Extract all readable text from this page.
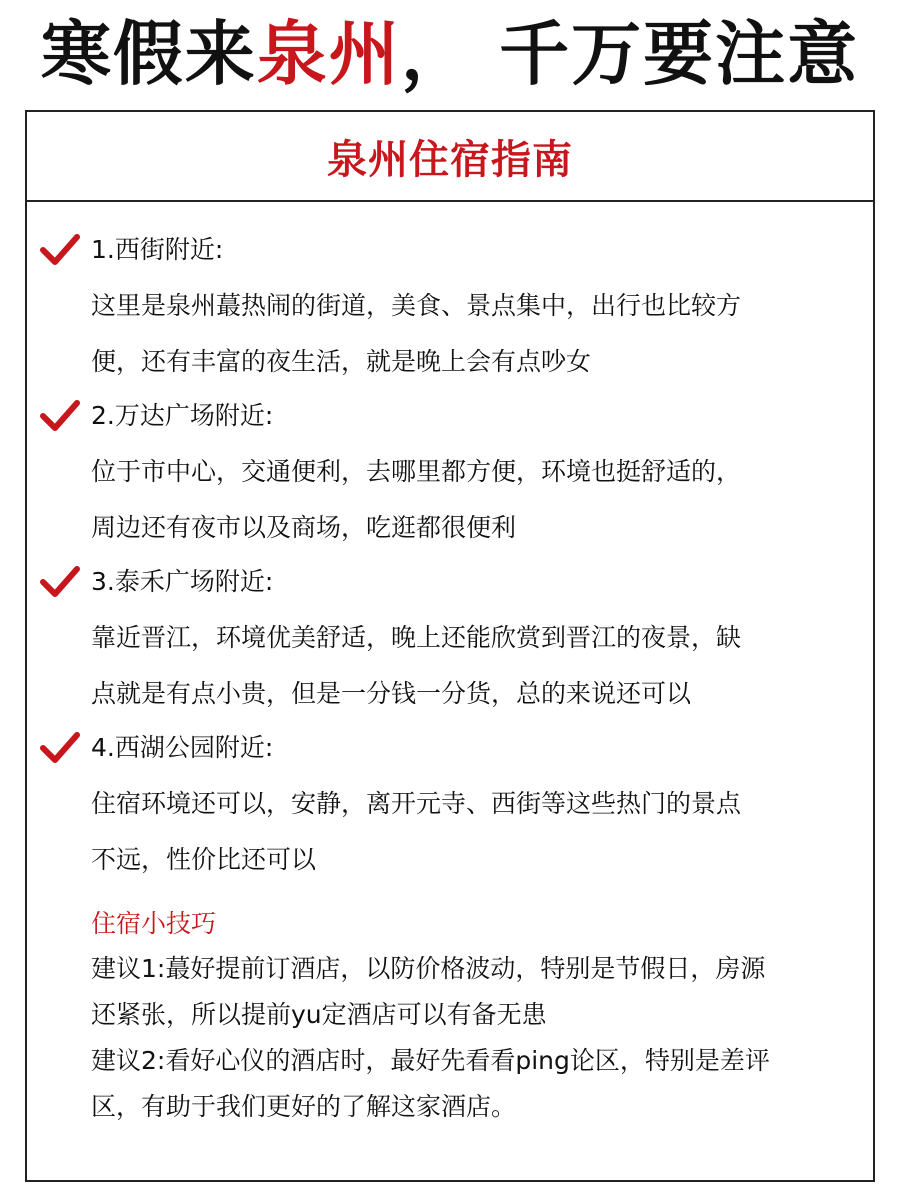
寒假来泉州， 千万要注意
泉州住宿指南
1.西街附近:
这里是泉州蕞热闹的街道，美食、景点集中，出行也比较方
便，还有丰富的夜生活，就是晚上会有点吵女
2.万达广场附近:
位于市中心，交通便利，去哪里都方便，环境也挺舒适的，
周边还有夜市以及商场，吃逛都很便利
3.泰禾广场附近:
靠近晋江，环境优美舒适，晚上还能欣赏到晋江的夜景，缺
点就是有点小贵，但是一分钱一分货，总的来说还可以
4.西湖公园附近:
住宿环境还可以，安静，离开元寺、西街等这些热门的景点
不远，性价比还可以
住宿小技巧
建议1:蕞好提前订酒店，以防价格波动，特别是节假日，房源
还紧张，所以提前yu定酒店可以有备无患
建议2:看好心仪的酒店时，最好先看看ping论区，特别是差评
区，有助于我们更好的了解这家酒店。
